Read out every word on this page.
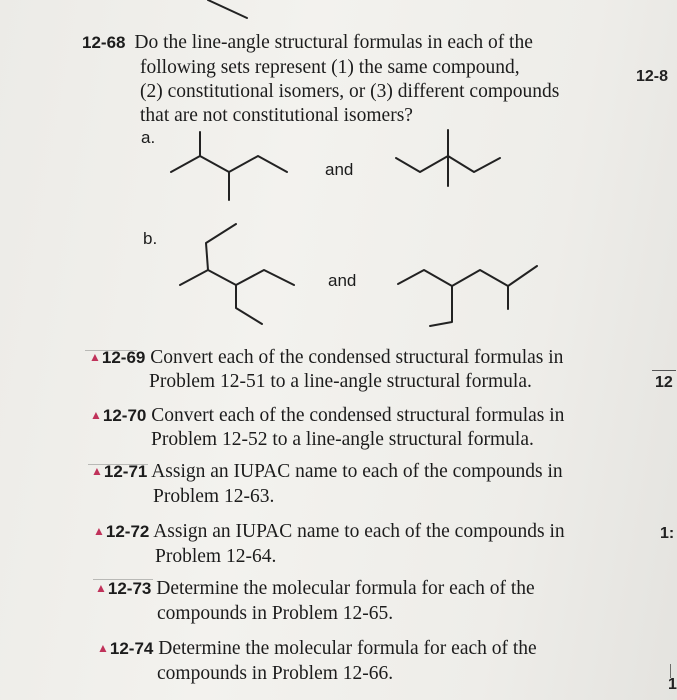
12-68 Do the line-angle structural formulas in each of the
following sets represent (1) the same compound,
(2) constitutional isomers, or (3) different compounds
that are not constitutional isomers?
a.
and
b.
and
▲12-69 Convert each of the condensed structural formulas in
Problem 12-51 to a line-angle structural formula.
▲12-70 Convert each of the condensed structural formulas in
Problem 12-52 to a line-angle structural formula.
▲12-71 Assign an IUPAC name to each of the compounds in
Problem 12-63.
▲12-72 Assign an IUPAC name to each of the compounds in
Problem 12-64.
▲12-73 Determine the molecular formula for each of the
compounds in Problem 12-65.
▲12-74 Determine the molecular formula for each of the
compounds in Problem 12-66.
12-8
12
1:
1
